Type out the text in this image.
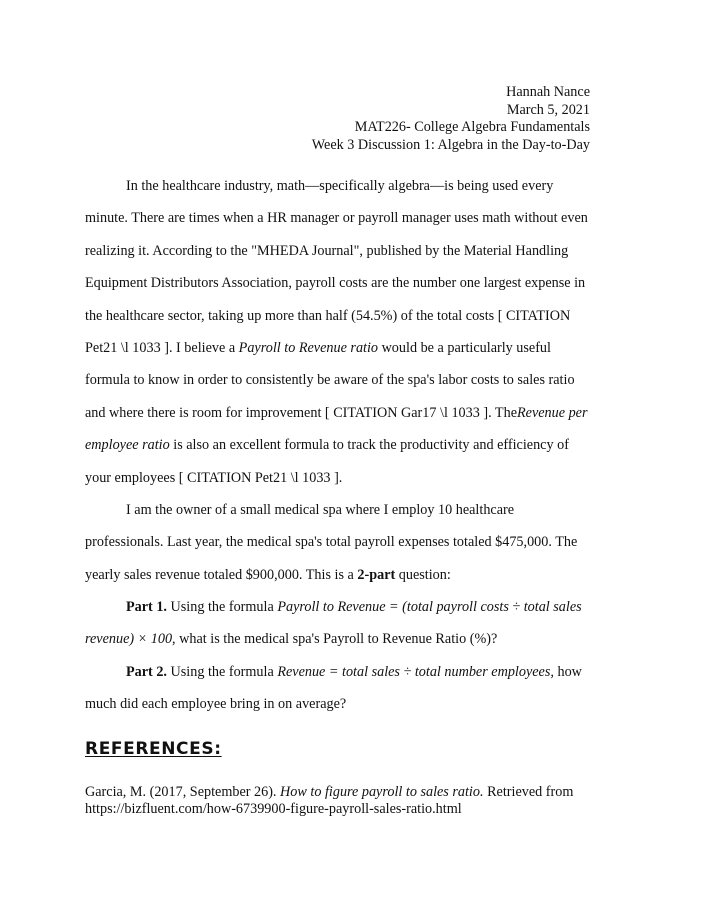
Hannah Nance
March 5, 2021
MAT226- College Algebra Fundamentals
Week 3 Discussion 1: Algebra in the Day-to-Day

In the healthcare industry, math—specifically algebra—is being used every
minute. There are times when a HR manager or payroll manager uses math without even
realizing it. According to the "MHEDA Journal", published by the Material Handling
Equipment Distributors Association, payroll costs are the number one largest expense in
the healthcare sector, taking up more than half (54.5%) of the total costs [ CITATION
Pet21 \l 1033 ]. I believe a Payroll to Revenue ratio would be a particularly useful
formula to know in order to consistently be aware of the spa's labor costs to sales ratio
and where there is room for improvement [ CITATION Gar17 \l 1033 ]. TheRevenue per
employee ratio is also an excellent formula to track the productivity and efficiency of
your employees [ CITATION Pet21 \l 1033 ].

I am the owner of a small medical spa where I employ 10 healthcare
professionals. Last year, the medical spa's total payroll expenses totaled $475,000. The
yearly sales revenue totaled $900,000. This is a 2-part question:

Part 1. Using the formula Payroll to Revenue = (total payroll costs ÷ total sales
revenue) × 100, what is the medical spa's Payroll to Revenue Ratio (%)?

Part 2. Using the formula Revenue = total sales ÷ total number employees, how
much did each employee bring in on average?

REFERENCES:
Garcia, M. (2017, September 26). How to figure payroll to sales ratio. Retrieved from
https://bizfluent.com/how-6739900-figure-payroll-sales-ratio.html
